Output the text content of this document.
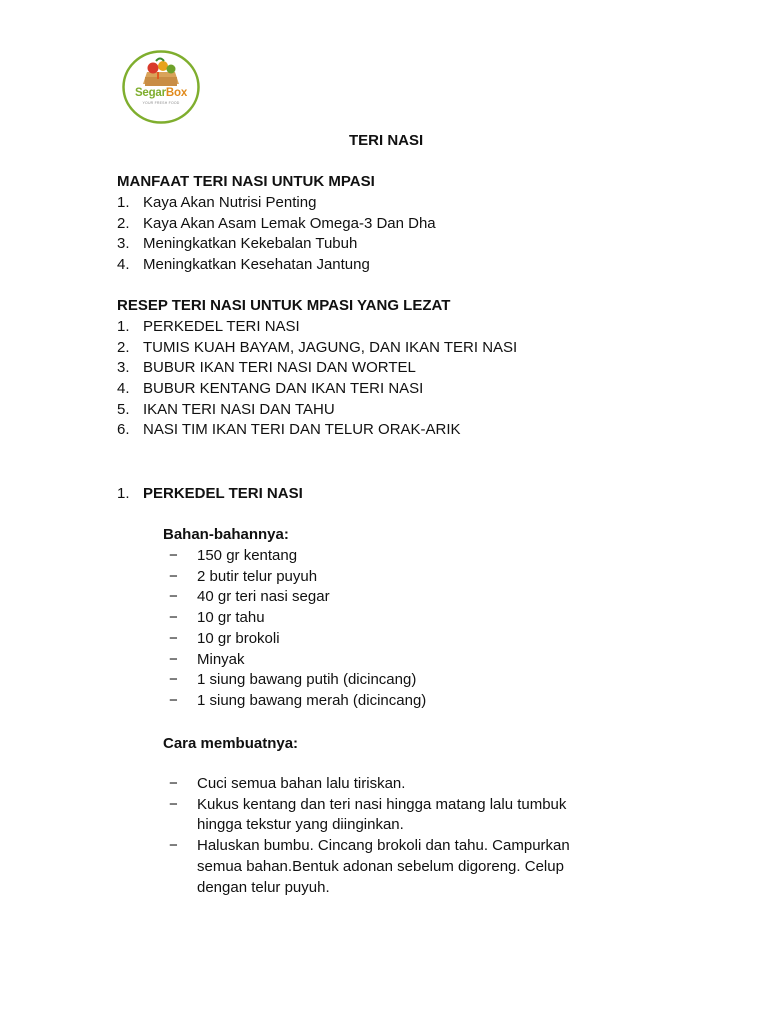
SegarBox
YOUR FRESH FOOD
TERI NASI
MANFAAT TERI NASI UNTUK MPASI
1. Kaya Akan Nutrisi Penting
2. Kaya Akan Asam Lemak Omega-3 Dan Dha
3. Meningkatkan Kekebalan Tubuh
4. Meningkatkan Kesehatan Jantung
RESEP TERI NASI UNTUK MPASI YANG LEZAT
1. PERKEDEL TERI NASI
2. TUMIS KUAH BAYAM, JAGUNG, DAN IKAN TERI NASI
3. BUBUR IKAN TERI NASI DAN WORTEL
4. BUBUR KENTANG DAN IKAN TERI NASI
5. IKAN TERI NASI DAN TAHU
6. NASI TIM IKAN TERI DAN TELUR ORAK-ARIK
1. PERKEDEL TERI NASI
Bahan-bahannya:
− 150 gr kentang
− 2 butir telur puyuh
− 40 gr teri nasi segar
− 10 gr tahu
− 10 gr brokoli
− Minyak
− 1 siung bawang putih (dicincang)
− 1 siung bawang merah (dicincang)
Cara membuatnya:
− Cuci semua bahan lalu tiriskan.
− Kukus kentang dan teri nasi hingga matang lalu tumbuk hingga tekstur yang diinginkan.
− Haluskan bumbu. Cincang brokoli dan tahu. Campurkan semua bahan.Bentuk adonan sebelum digoreng. Celup dengan telur puyuh.
